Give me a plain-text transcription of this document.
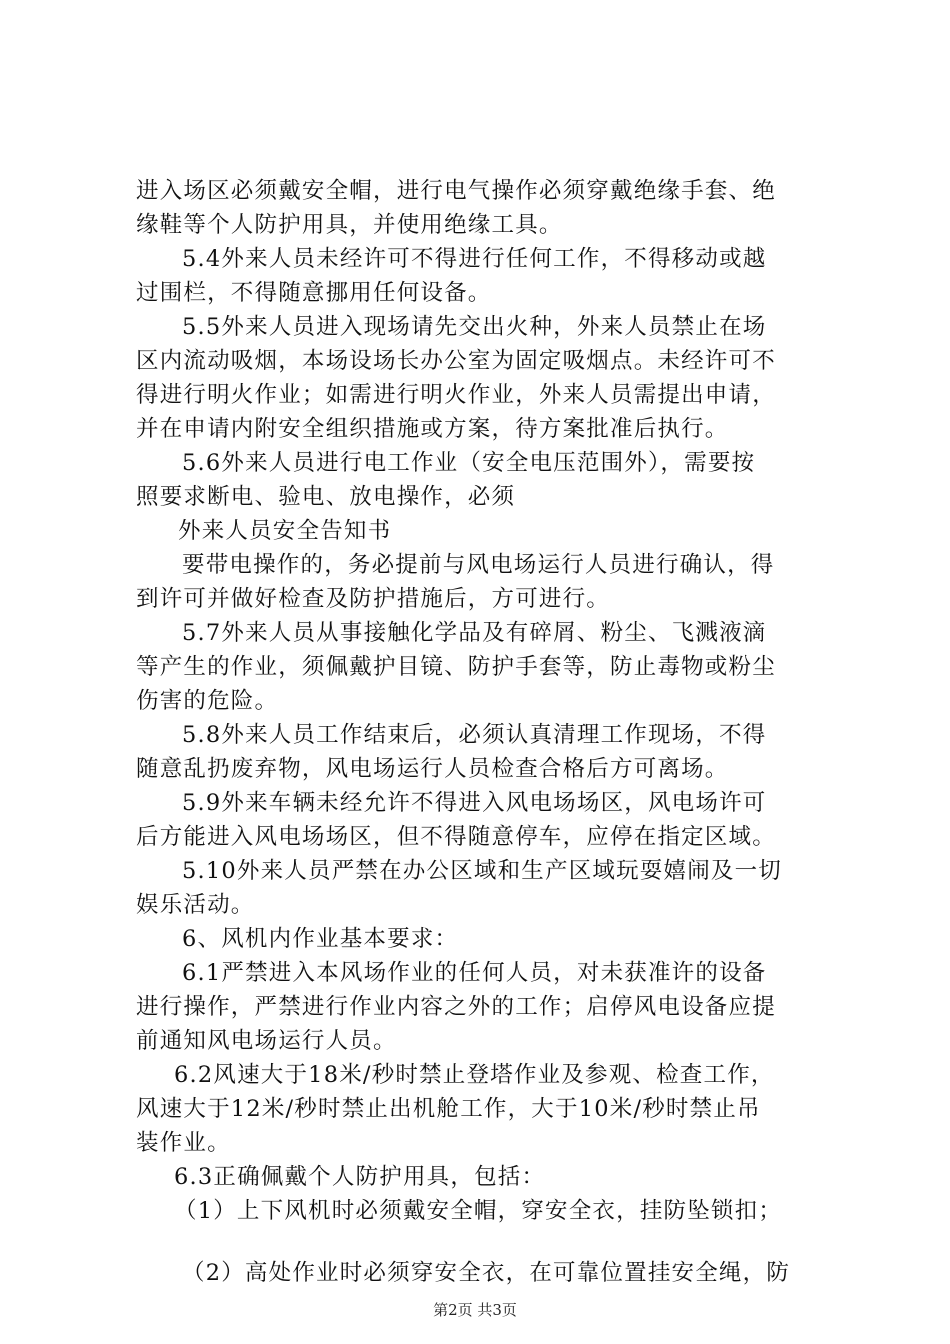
进入场区必须戴安全帽，进行电气操作必须穿戴绝缘手套、绝
缘鞋等个人防护用具，并使用绝缘工具。
5.4外来人员未经许可不得进行任何工作，不得移动或越
过围栏，不得随意挪用任何设备。
5.5外来人员进入现场请先交出火种，外来人员禁止在场
区内流动吸烟，本场设场长办公室为固定吸烟点。未经许可不
得进行明火作业；如需进行明火作业，外来人员需提出申请，
并在申请内附安全组织措施或方案，待方案批准后执行。
5.6外来人员进行电工作业（安全电压范围外），需要按
照要求断电、验电、放电操作，必须
外来人员安全告知书
要带电操作的，务必提前与风电场运行人员进行确认，得
到许可并做好检查及防护措施后，方可进行。
5.7外来人员从事接触化学品及有碎屑、粉尘、飞溅液滴
等产生的作业，须佩戴护目镜、防护手套等，防止毒物或粉尘
伤害的危险。
5.8外来人员工作结束后，必须认真清理工作现场，不得
随意乱扔废弃物，风电场运行人员检查合格后方可离场。
5.9外来车辆未经允许不得进入风电场场区，风电场许可
后方能进入风电场场区，但不得随意停车，应停在指定区域。
5.10外来人员严禁在办公区域和生产区域玩耍嬉闹及一切
娱乐活动。
6、风机内作业基本要求：
6.1严禁进入本风场作业的任何人员，对未获准许的设备
进行操作，严禁进行作业内容之外的工作；启停风电设备应提
前通知风电场运行人员。
6.2风速大于18米/秒时禁止登塔作业及参观、检查工作，
风速大于12米/秒时禁止出机舱工作，大于10米/秒时禁止吊
装作业。
6.3正确佩戴个人防护用具，包括：
（1）上下风机时必须戴安全帽，穿安全衣，挂防坠锁扣；
（2）高处作业时必须穿安全衣，在可靠位置挂安全绳，防
第2页 共3页
